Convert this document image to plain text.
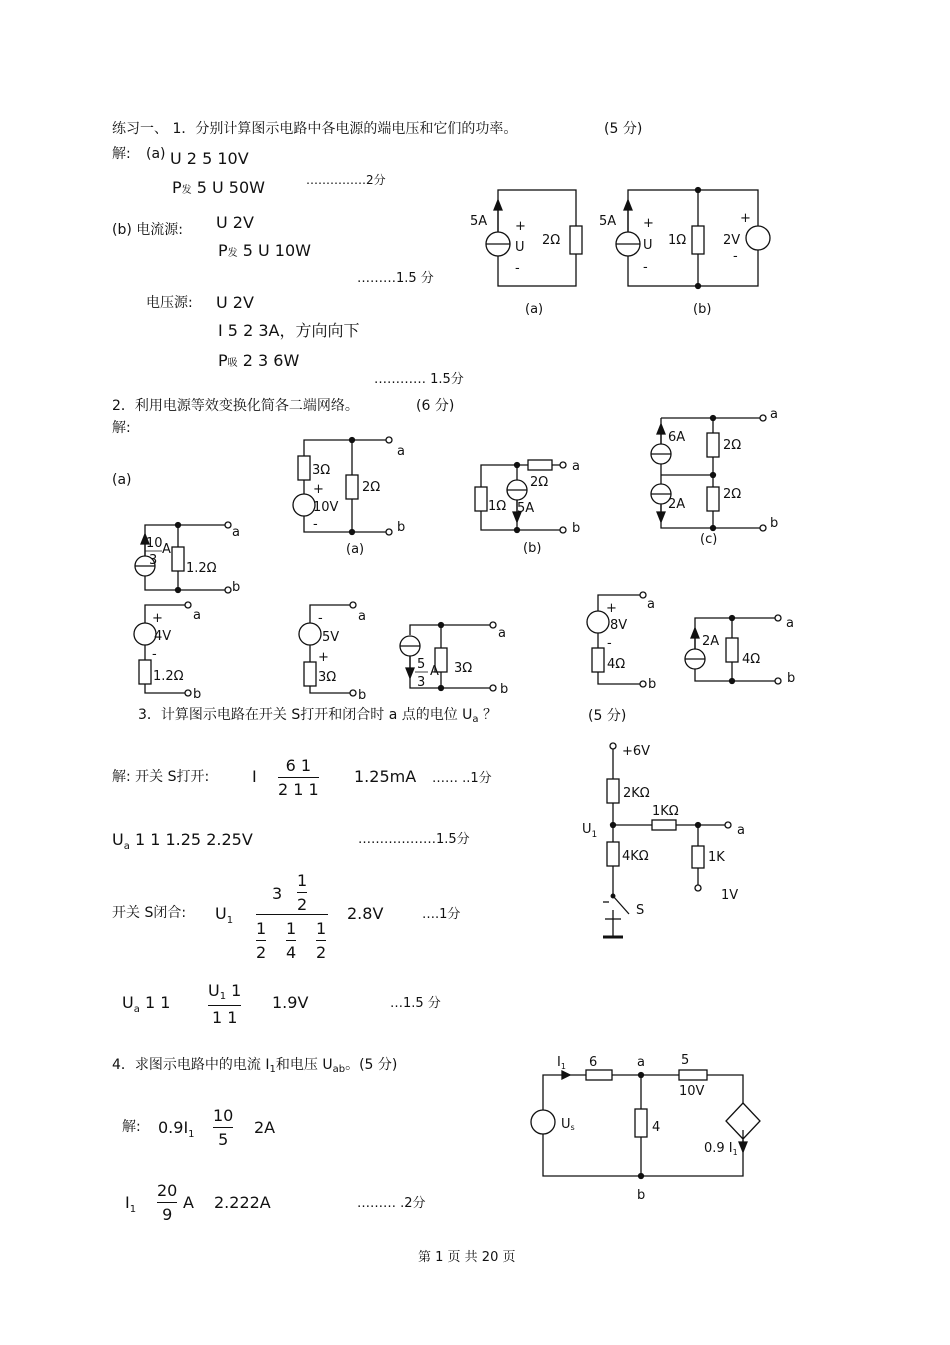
练习一、 1．分别计算图示电路中各电源的端电压和它们的功率。	(5 分)
解: (a) U 2 5 10V
P发 5 U 50W	……………2分
(b) 电流源: U 2V
P发 5 U 10W
………1.5 分
电压源: U 2V
I 5 2 3A，方向向下
P吸 2 3 6W
………… 1.5分
2．利用电源等效变换化简各二端网络。	(6 分)
解:
(a)
3．计算图示电路在开关 S打开和闭合时 a 点的电位 $U_a$ ？	(5 分)
解: 开关 S打开:	I
6 1
2 1 1
1.25mA …… ..1分
$U_a$ 1 1 1.25 2.25V	………………1.5分
开关 S闭合: $U_1$
3
1
2
1
2
1
4
1
2
2.8V	….1分
$U_a$ 1 1
U1 1
1 1
1.9V	…1.5 分
4．求图示电路中的电流 $I_1$和电压 $U_{ab}$。(5 分)
解: $0.9I_1$
10
5
2A
$I_1$
20
9
A 2.222A	……… .2分
第 1 页 共 20 页
5A +
U
-
2Ω
(a)
5A +
U
-
1Ω	2V
+
-
(b)
3Ω
+
10V
-
2Ω
a
b
(a)
1Ω
2Ω
5A
a
b
(b)
6A
2Ω
2A
2Ω
a
b
(c)
10
3
A
1.2Ω
a
b
+
4V
-
1.2Ω
a
b
-
5V
+
3Ω
a
b
5
3
A 3Ω
a
b
+
8V
-
4Ω
a
b
2A
4Ω
a
b
+6V
2KΩ
$U_1$
1KΩ
a
4KΩ	1K
1V
S
$I_1$ 6	a	5
10V
Us	4
0.9 $I_1$
b
